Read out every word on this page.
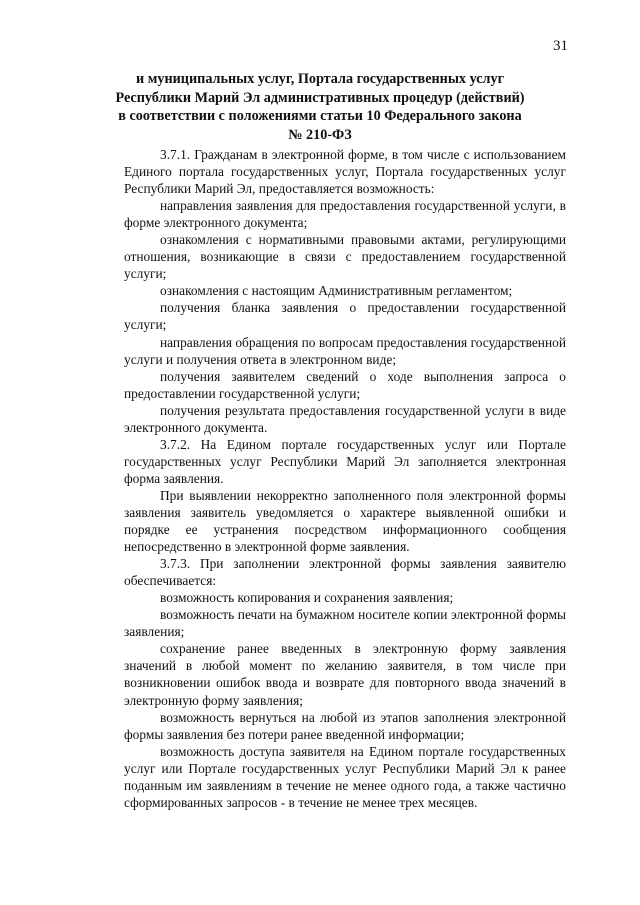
31
и муниципальных услуг, Портала государственных услуг Республики Марий Эл административных процедур (действий) в соответствии с положениями статьи 10 Федерального закона № 210-ФЗ

3.7.1. Гражданам в электронной форме, в том числе с использованием Единого портала государственных услуг, Портала государственных услуг Республики Марий Эл, предоставляется возможность:

направления заявления для предоставления государственной услуги, в форме электронного документа;

ознакомления с нормативными правовыми актами, регулирующими отношения, возникающие в связи с предоставлением государственной услуги;

ознакомления с настоящим Административным регламентом;

получения бланка заявления о предоставлении государственной услуги;

направления обращения по вопросам предоставления государственной услуги и получения ответа в электронном виде;

получения заявителем сведений о ходе выполнения запроса о предоставлении государственной услуги;

получения результата предоставления государственной услуги в виде электронного документа.

3.7.2. На Едином портале государственных услуг или Портале государственных услуг Республики Марий Эл заполняется электронная форма заявления.

При выявлении некорректно заполненного поля электронной формы заявления заявитель уведомляется о характере выявленной ошибки и порядке ее устранения посредством информационного сообщения непосредственно в электронной форме заявления.

3.7.3. При заполнении электронной формы заявления заявителю обеспечивается:

возможность копирования и сохранения заявления;

возможность печати на бумажном носителе копии электронной формы заявления;

сохранение ранее введенных в электронную форму заявления значений в любой момент по желанию заявителя, в том числе при возникновении ошибок ввода и возврате для повторного ввода значений в электронную форму заявления;

возможность вернуться на любой из этапов заполнения электронной формы заявления без потери ранее введенной информации;

возможность доступа заявителя на Едином портале государственных услуг или Портале государственных услуг Республики Марий Эл к ранее поданным им заявлениям в течение не менее одного года, а также частично сформированных запросов - в течение не менее трех месяцев.
